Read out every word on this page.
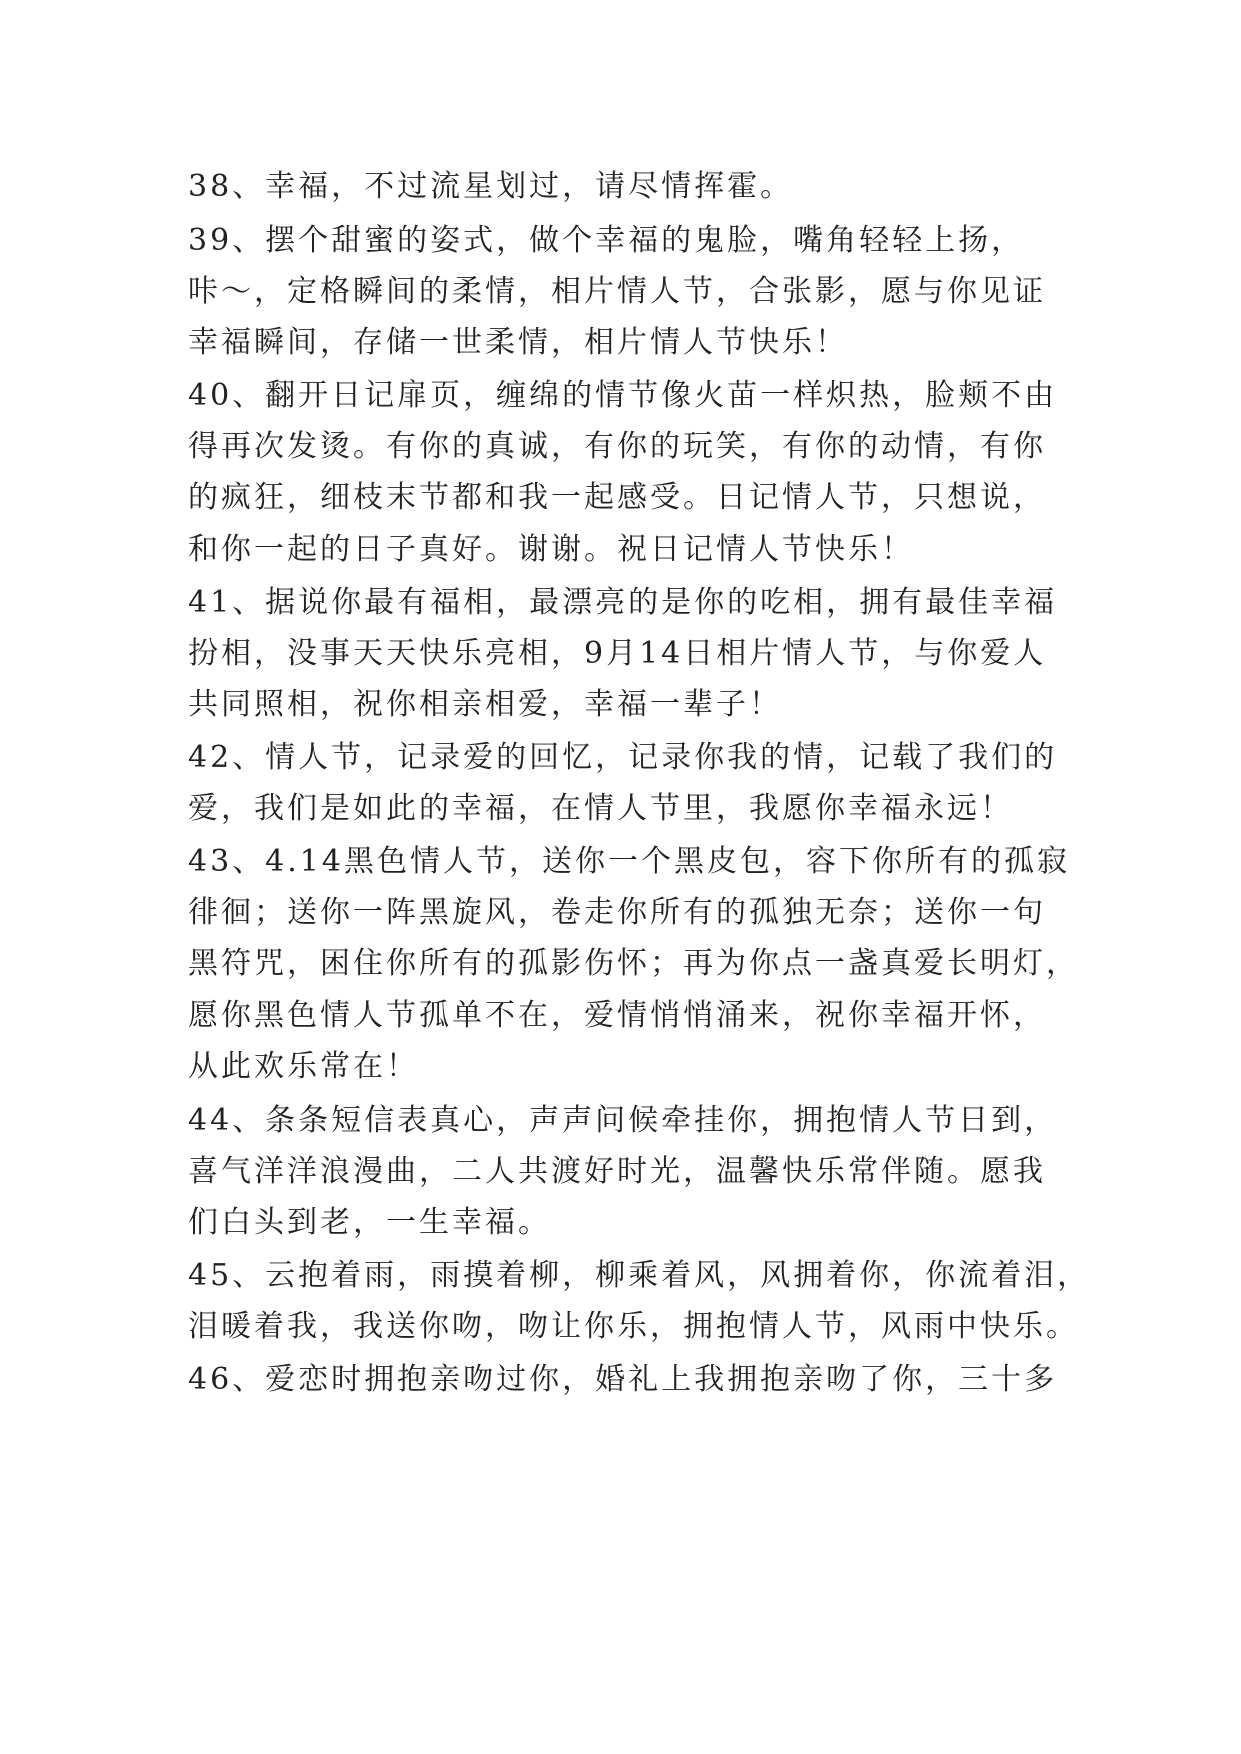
38、幸福，不过流星划过，请尽情挥霍。
39、摆个甜蜜的姿式，做个幸福的鬼脸，嘴角轻轻上扬，
咔～，定格瞬间的柔情，相片情人节，合张影，愿与你见证
幸福瞬间，存储一世柔情，相片情人节快乐！
40、翻开日记扉页，缠绵的情节像火苗一样炽热，脸颊不由
得再次发烫。有你的真诚，有你的玩笑，有你的动情，有你
的疯狂，细枝末节都和我一起感受。日记情人节，只想说，
和你一起的日子真好。谢谢。祝日记情人节快乐！
41、据说你最有福相，最漂亮的是你的吃相，拥有最佳幸福
扮相，没事天天快乐亮相，9月14日相片情人节，与你爱人
共同照相，祝你相亲相爱，幸福一辈子！
42、情人节，记录爱的回忆，记录你我的情，记载了我们的
爱，我们是如此的幸福，在情人节里，我愿你幸福永远！
43、4.14黑色情人节，送你一个黑皮包，容下你所有的孤寂
徘徊；送你一阵黑旋风，卷走你所有的孤独无奈；送你一句
黑符咒，困住你所有的孤影伤怀；再为你点一盏真爱长明灯，
愿你黑色情人节孤单不在，爱情悄悄涌来，祝你幸福开怀，
从此欢乐常在！
44、条条短信表真心，声声问候牵挂你，拥抱情人节日到，
喜气洋洋浪漫曲，二人共渡好时光，温馨快乐常伴随。愿我
们白头到老，一生幸福。
45、云抱着雨，雨摸着柳，柳乘着风，风拥着你，你流着泪，
泪暖着我，我送你吻，吻让你乐，拥抱情人节，风雨中快乐。
46、爱恋时拥抱亲吻过你，婚礼上我拥抱亲吻了你，三十多
